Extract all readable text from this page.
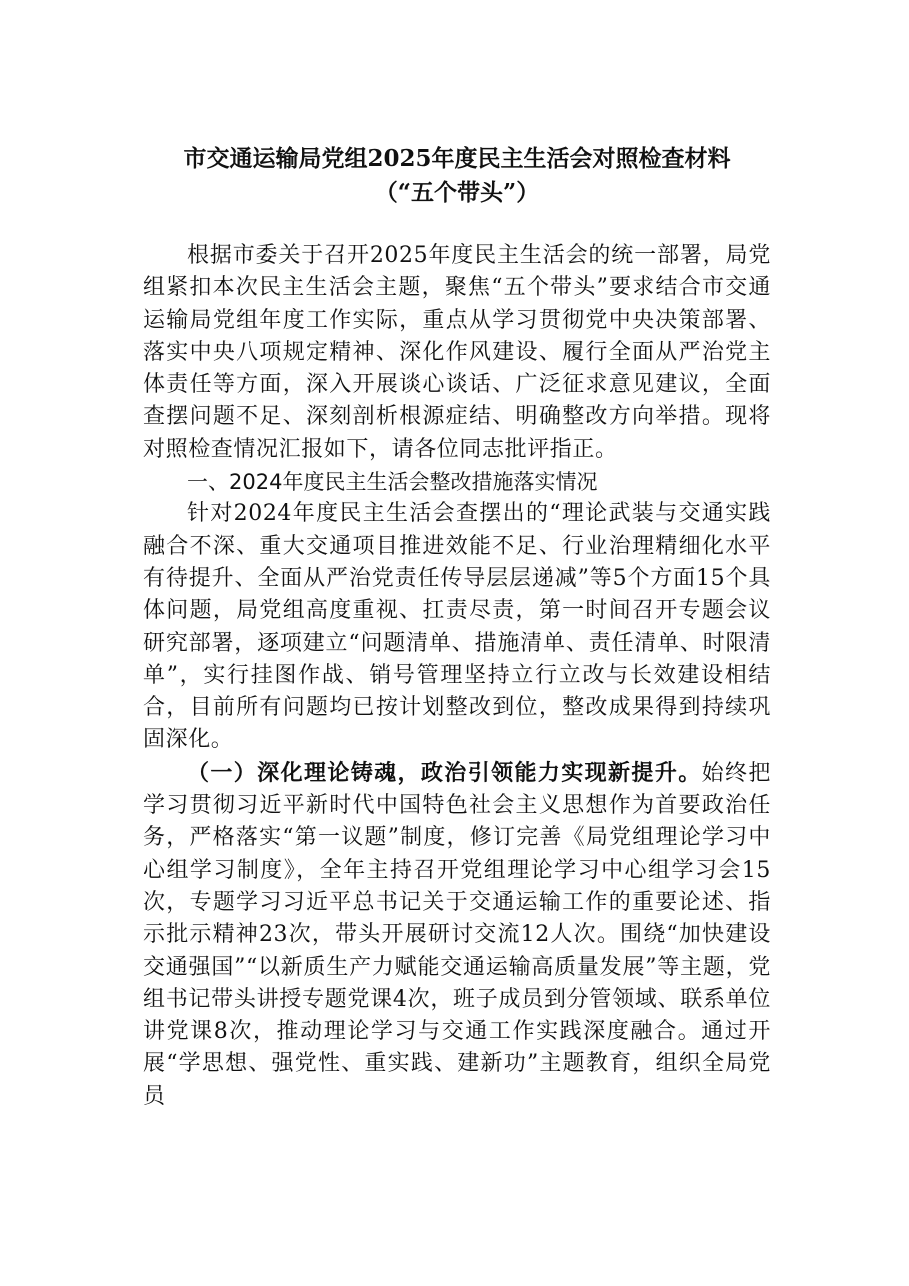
市交通运输局党组2025年度民主生活会对照检查材料

（“五个带头”）

根据市委关于召开2025年度民主生活会的统一部署，局党组紧扣本次民主生活会主题，聚焦“五个带头”要求结合市交通运输局党组年度工作实际，重点从学习贯彻党中央决策部署、落实中央八项规定精神、深化作风建设、履行全面从严治党主体责任等方面，深入开展谈心谈话、广泛征求意见建议，全面查摆问题不足、深刻剖析根源症结、明确整改方向举措。现将对照检查情况汇报如下，请各位同志批评指正。

一、2024年度民主生活会整改措施落实情况

针对2024年度民主生活会查摆出的“理论武装与交通实践融合不深、重大交通项目推进效能不足、行业治理精细化水平有待提升、全面从严治党责任传导层层递减”等5个方面15个具体问题，局党组高度重视、扛责尽责，第一时间召开专题会议研究部署，逐项建立“问题清单、措施清单、责任清单、时限清单”，实行挂图作战、销号管理坚持立行立改与长效建设相结合，目前所有问题均已按计划整改到位，整改成果得到持续巩固深化。

（一）深化理论铸魂，政治引领能力实现新提升。始终把学习贯彻习近平新时代中国特色社会主义思想作为首要政治任务，严格落实“第一议题”制度，修订完善《局党组理论学习中心组学习制度》，全年主持召开党组理论学习中心组学习会15次，专题学习习近平总书记关于交通运输工作的重要论述、指示批示精神23次，带头开展研讨交流12人次。围绕“加快建设交通强国”“以新质生产力赋能交通运输高质量发展”等主题，党组书记带头讲授专题党课4次，班子成员到分管领域、联系单位讲党课8次，推动理论学习与交通工作实践深度融合。通过开展“学思想、强党性、重实践、建新功”主题教育，组织全局党员
